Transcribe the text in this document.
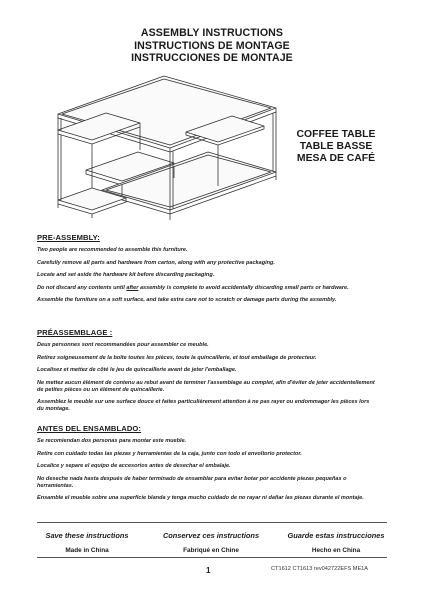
ASSEMBLY INSTRUCTIONS
INSTRUCTIONS DE MONTAGE
INSTRUCCIONES DE MONTAJE
COFFEE TABLE
TABLE BASSE
MESA DE CAFÉ
PRE-ASSEMBLY:
Two people are recommended to assemble this furniture.
Carefully remove all parts and hardware from carton, along with any protective packaging.
Locate and set aside the hardware kit before discarding packaging.
Do not discard any contents until after assembly is complete to avoid accidentally discarding small parts or hardware.
Assemble the furniture on a soft surface, and take extra care not to scratch or damage parts during the assembly.
PRÉASSEMBLAGE :
Deux personnes sont recommandées pour assembler ce meuble.
Retirez soigneusement de la boîte toutes les pièces, toute la quincaillerie, et tout emballage de protecteur.
Localisez et mettez de côté le jeu de quincaillerie avant de jeter l'emballage.
Ne mettez aucun élément de contenu au rebut avant de terminer l'assemblage au complet, afin d'éviter de jeter accidentellement de petites pièces ou un élément de quincaillerie.
Assemblez le meuble sur une surface douce et faites particulièrement attention à ne pas rayer ou endommager les pièces lors du montage.
ANTES DEL ENSAMBLADO:
Se recomiendan dos personas para montar este mueble.
Retire con cuidado todas las piezas y herramientas de la caja, junto con todo el envoltorio protector.
Localice y separe el equipo de accesorios antes de desechar el embalaje.
No deseche nada hasta después de haber terminado de ensamblar para evitar botar por accidente piezas pequeñas o herramientas.
Ensamble el mueble sobre una superficie blanda y tenga mucho cuidado de no rayar ni dañar las piezas durante el montaje.
Save these instructions
Made in China
Conservez ces instructions
Fabriqué en Chine
Guarde estas instrucciones
Hecho en China
1	CT1612 CT1613 rev042722EFS ME1A
